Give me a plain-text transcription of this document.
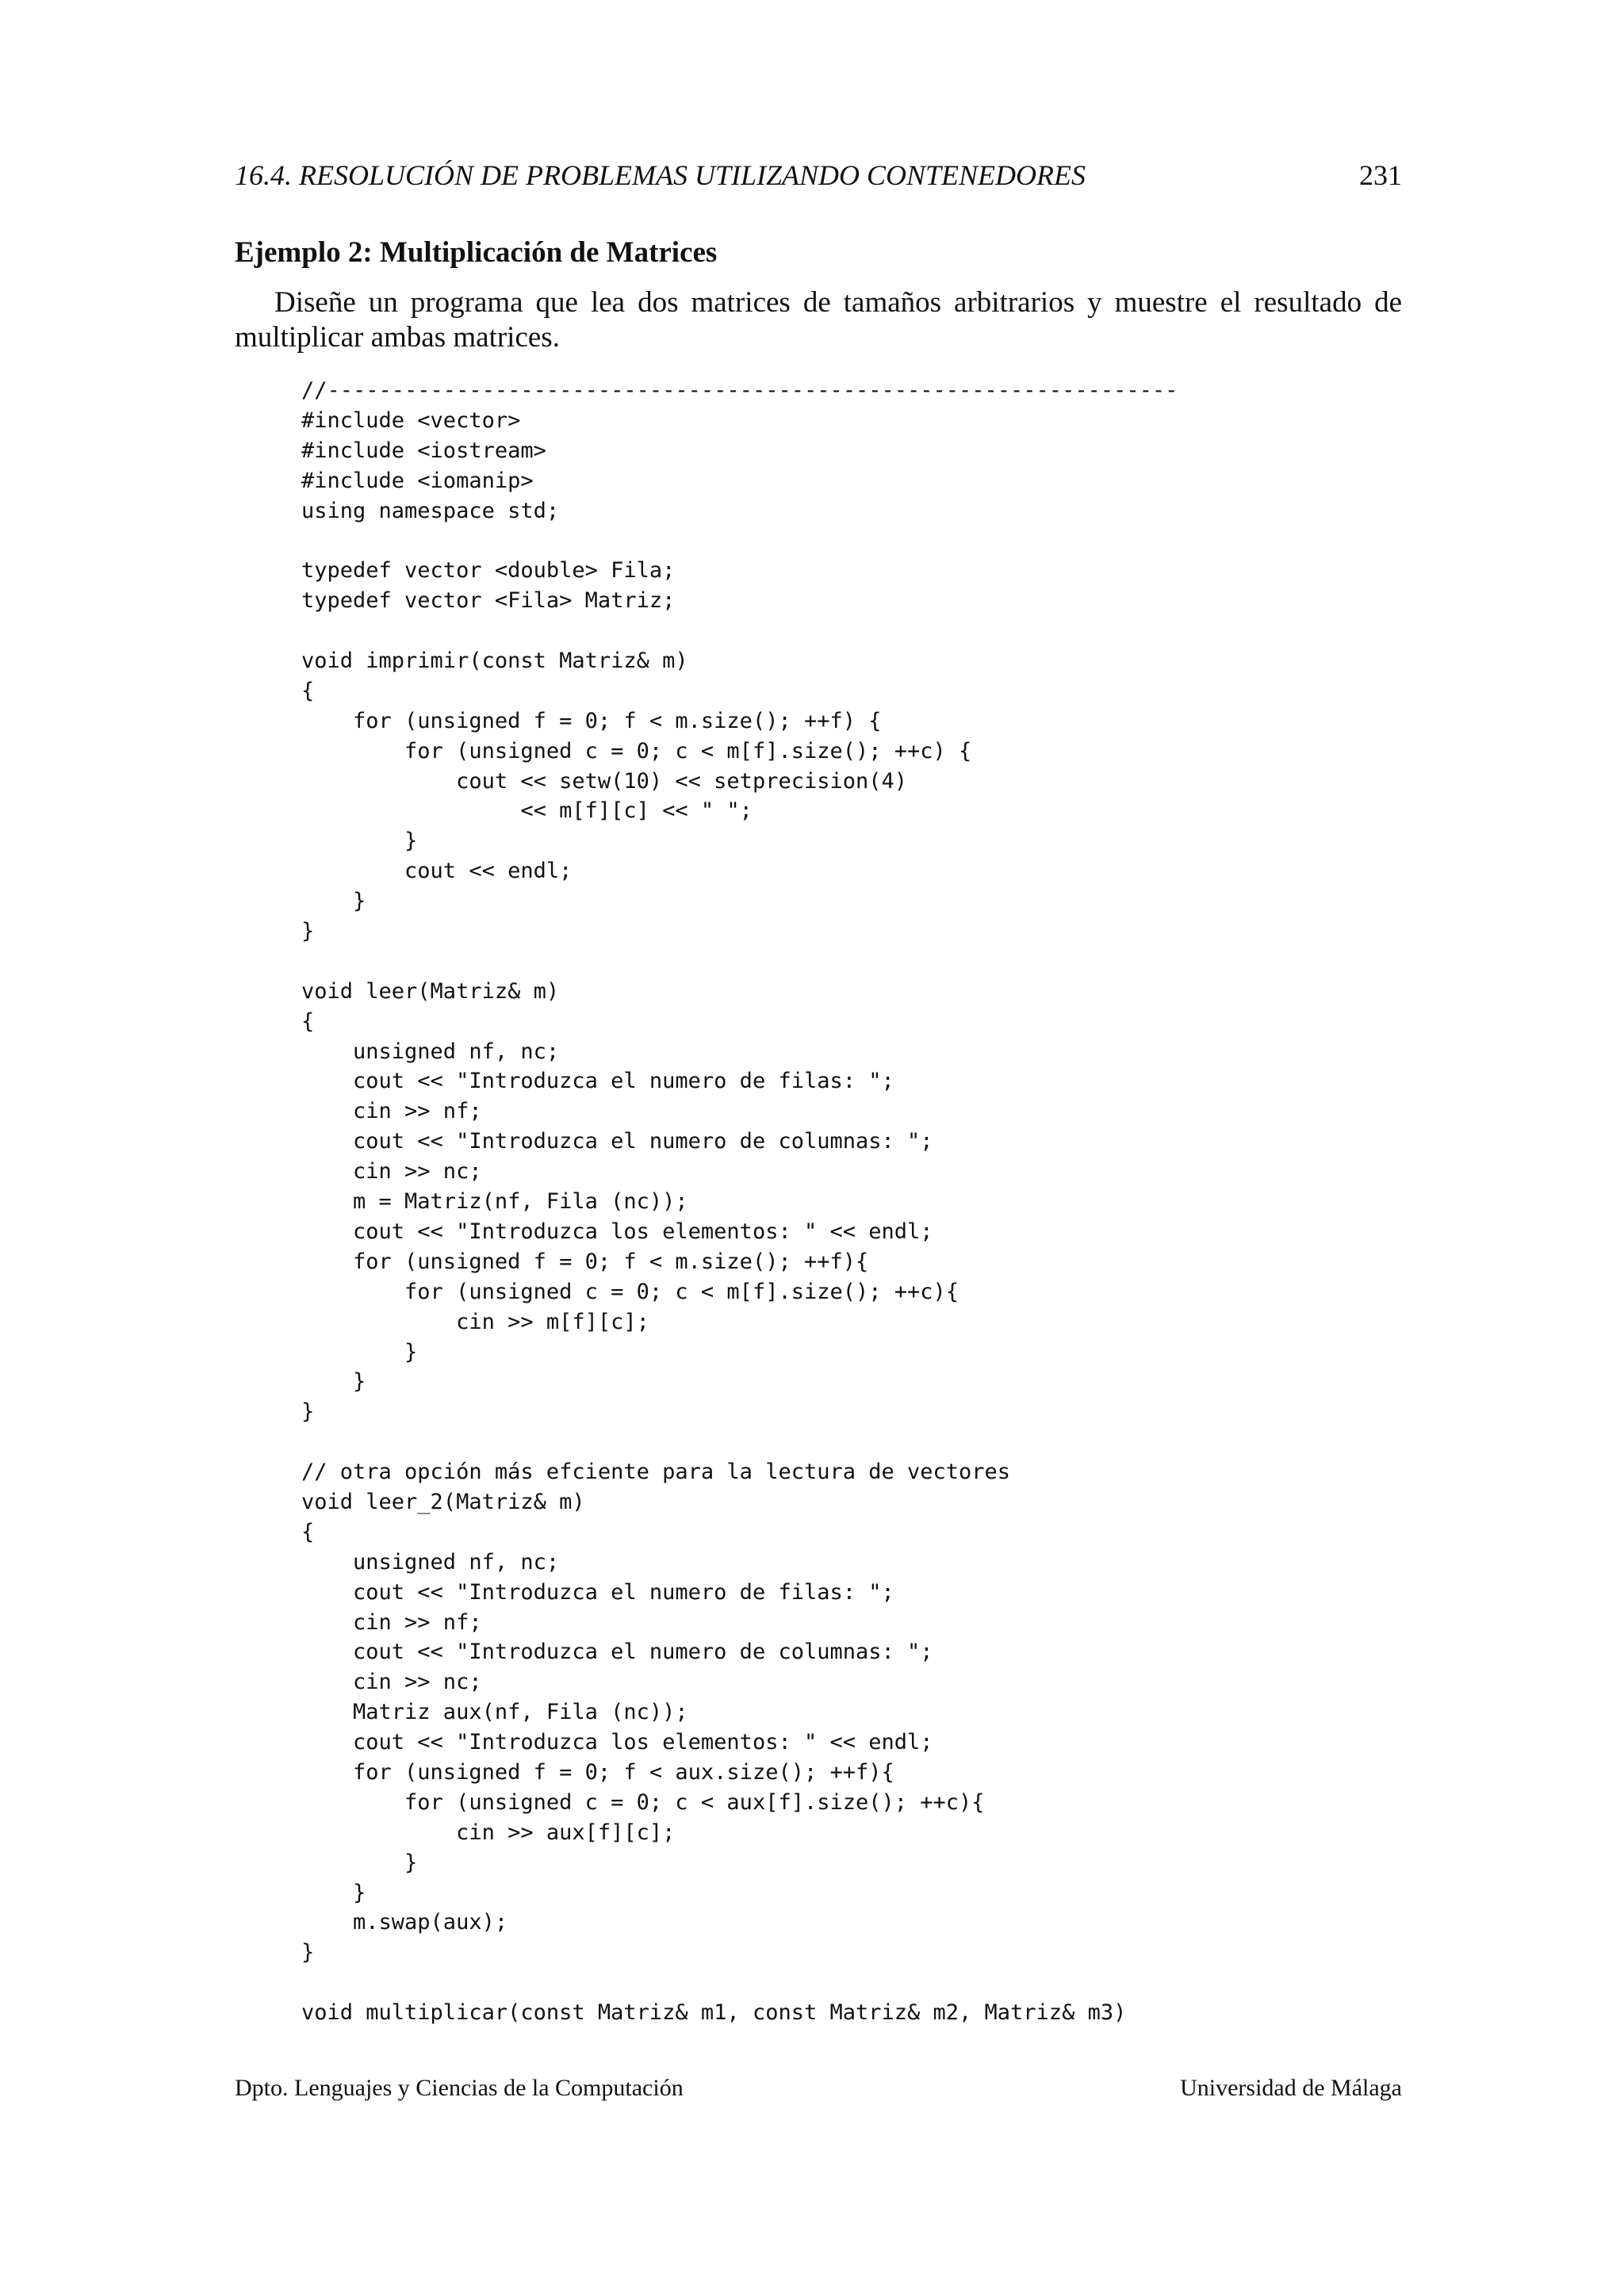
16.4. RESOLUCIÓN DE PROBLEMAS UTILIZANDO CONTENEDORES	231
Ejemplo 2: Multiplicación de Matrices
Diseñe un programa que lea dos matrices de tamaños arbitrarios y muestre el resultado de
multiplicar ambas matrices.
//------------------------------------------------------------------
#include <vector>
#include <iostream>
#include <iomanip>
using namespace std;

typedef vector <double> Fila;
typedef vector <Fila> Matriz;

void imprimir(const Matriz& m)
{
for (unsigned f = 0; f < m.size(); ++f) {
for (unsigned c = 0; c < m[f].size(); ++c) {
cout << setw(10) << setprecision(4)
<< m[f][c] << " ";
}
cout << endl;
}
}

void leer(Matriz& m)
{
unsigned nf, nc;
cout << "Introduzca el numero de filas: ";
cin >> nf;
cout << "Introduzca el numero de columnas: ";
cin >> nc;
m = Matriz(nf, Fila (nc));
cout << "Introduzca los elementos: " << endl;
for (unsigned f = 0; f < m.size(); ++f){
for (unsigned c = 0; c < m[f].size(); ++c){
cin >> m[f][c];
}
}
}

// otra opción más efciente para la lectura de vectores
void leer_2(Matriz& m)
{
unsigned nf, nc;
cout << "Introduzca el numero de filas: ";
cin >> nf;
cout << "Introduzca el numero de columnas: ";
cin >> nc;
Matriz aux(nf, Fila (nc));
cout << "Introduzca los elementos: " << endl;
for (unsigned f = 0; f < aux.size(); ++f){
for (unsigned c = 0; c < aux[f].size(); ++c){
cin >> aux[f][c];
}
}
m.swap(aux);
}

void multiplicar(const Matriz& m1, const Matriz& m2, Matriz& m3)
Dpto. Lenguajes y Ciencias de la Computación	Universidad de Málaga
